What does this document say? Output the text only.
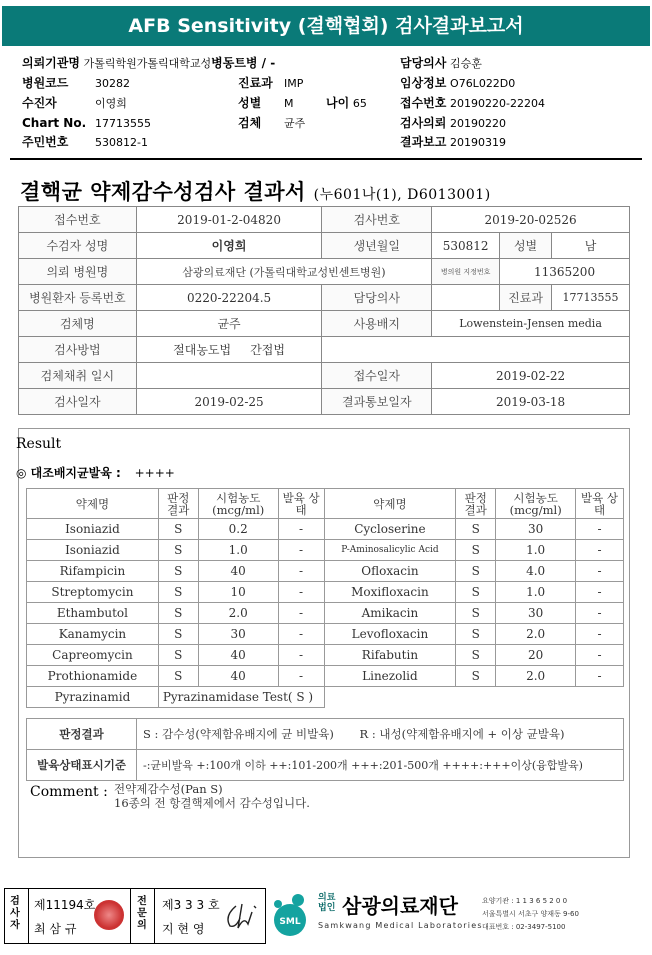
AFB Sensitivity (결핵협회) 검사결과보고서
의뢰기관명 가톨릭학원가톨릭대학교성병동트병 / -	담당의사 김승훈
병원코드 30282	진료과 IMP	임상정보 O76L022D0
수진자	이영희	성별 M	나이 65	접수번호 20190220-22204
Chart No. 17713555	검체 균주	검사의뢰 20190220
주민번호 530812-1	결과보고 20190319
결핵균 약제감수성검사 결과서 (누601나(1), D6013001)
접수번호	2019-01-2-04820	검사번호	2019-20-02526		
수검자 성명	이영희	생년월일	530812	성별	남
의뢰 병원명	삼광의료재단 (가톨릭대학교성빈센트병원)		병의원 지정번호	11365200	
병원환자 등록번호	0220-22204.5	담당의사		진료과	17713555
검체명	균주	사용배지	Lowenstein-Jensen media		
검사방법	절대농도법 간접법				
검체채취 일시		접수일자	2019-02-22		
검사일자	2019-02-25	결과통보일자	2019-03-18		
Result
◎ 대조배지균발육 : ++++
약제명	판정 결과	시험농도 (mcg/ml)	발육 상태	약제명	판정 결과	시험농도 (mcg/ml)	발육 상태
Isoniazid	S	0.2	-	Cycloserine	S	30	-
Isoniazid	S	1.0	-	P-Aminosalicylic Acid	S	1.0	-
Rifampicin	S	40	-	Ofloxacin	S	4.0	-
Streptomycin	S	10	-	Moxifloxacin	S	1.0	-
Ethambutol	S	2.0	-	Amikacin	S	30	-
Kanamycin	S	30	-	Levofloxacin	S	2.0	-
Capreomycin	S	40	-	Rifabutin	S	20	-
Prothionamide	S	40	-	Linezolid	S	2.0	-
Pyrazinamid	Pyrazinamidase Test( S )						
판정결과	S : 감수성(약제함유배지에 균 비발육) R : 내성(약제함유배지에 + 이상 균발육)
발육상태표시기준	-:균비발육 +:100개 이하 ++:101-200개 +++:201-500개 ++++:+++이상(융합발육)
Comment : 전약제감수성(Pan S)
16종의 전 항결핵제에서 감수성입니다.
검사자
제11194호
최 삼 규
전문의
제3 3 3 호
지 현 영	SML
의료 법인 삼광의료재단
Samkwang Medical Laboratories
요양기관 : 1 1 3 6 5 2 0 0
서울특별시 서초구 양재동 9-60
대표번호 : 02-3497-5100
